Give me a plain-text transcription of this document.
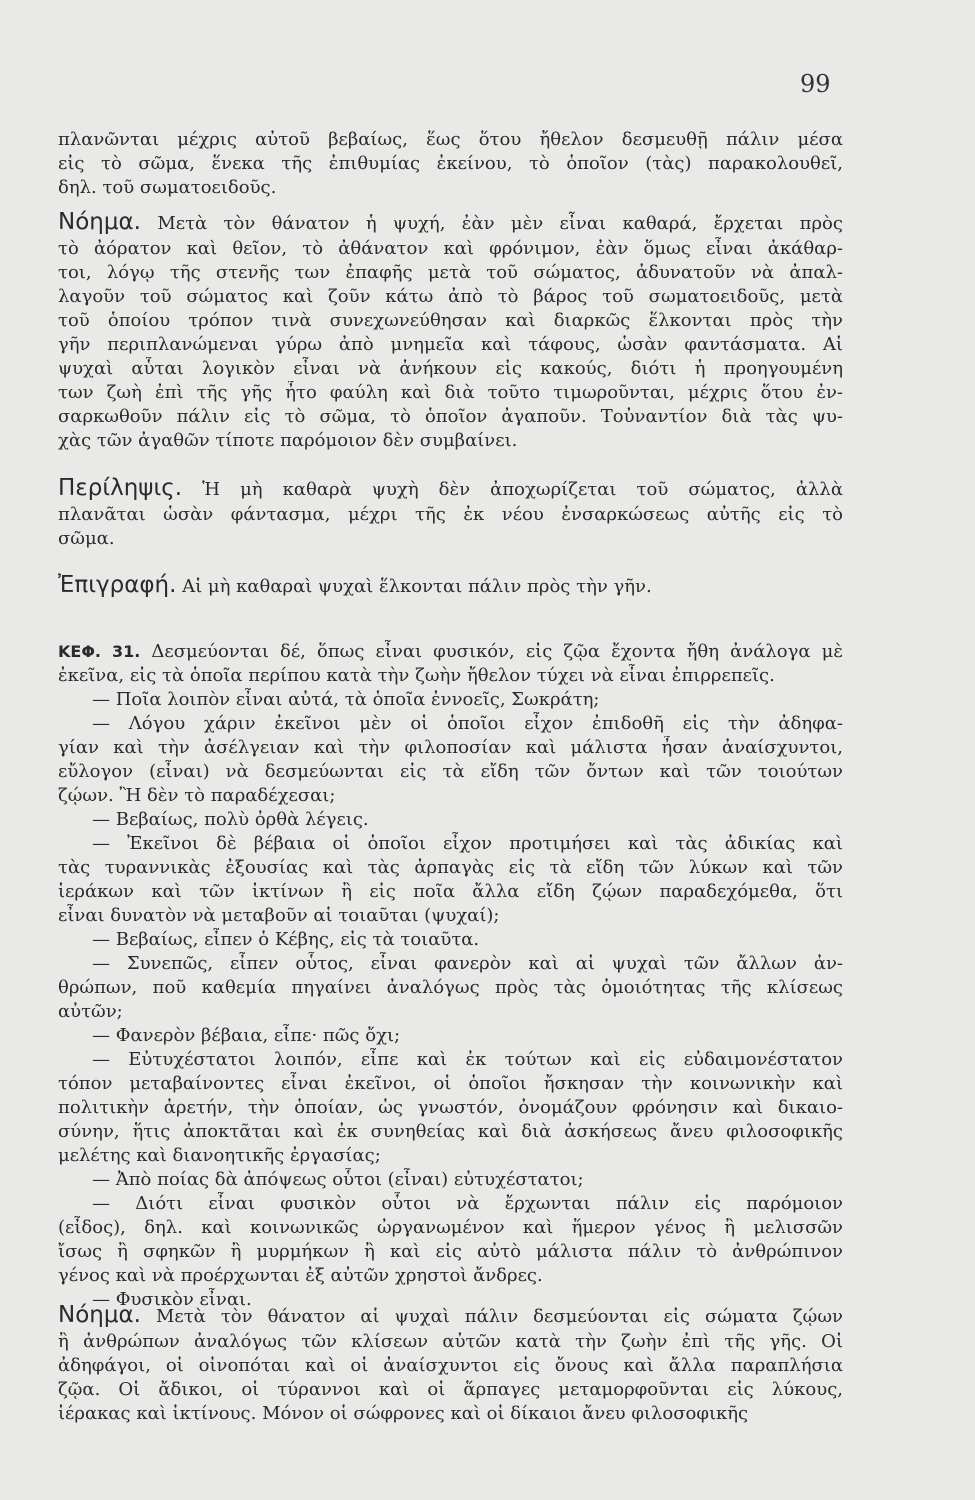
99
πλανῶνται μέχρις αὐτοῦ βεβαίως, ἕως ὅτου ἤθελον δεσμευθῇ πάλιν μέσα
εἰς τὸ σῶμα, ἕνεκα τῆς ἐπιθυμίας ἐκείνου, τὸ ὁποῖον (τὰς) παρακολουθεῖ,
δηλ. τοῦ σωματοειδοῦς.
Νόημα. Μετὰ τὸν θάνατον ἡ ψυχή, ἐὰν μὲν εἶναι καθαρά, ἔρχεται πρὸς
τὸ ἀόρατον καὶ θεῖον, τὸ ἀθάνατον καὶ φρόνιμον, ἐὰν ὅμως εἶναι ἀκάθαρ-
τοι, λόγῳ τῆς στενῆς των ἐπαφῆς μετὰ τοῦ σώματος, ἀδυνατοῦν νὰ ἀπαλ-
λαγοῦν τοῦ σώματος καὶ ζοῦν κάτω ἀπὸ τὸ βάρος τοῦ σωματοειδοῦς, μετὰ
τοῦ ὁποίου τρόπον τινὰ συνεχωνεύθησαν καὶ διαρκῶς ἕλκονται πρὸς τὴν
γῆν περιπλανώμεναι γύρω ἀπὸ μνημεῖα καὶ τάφους, ὡσὰν φαντάσματα. Αἱ
ψυχαὶ αὗται λογικὸν εἶναι νὰ ἀνήκουν εἰς κακούς, διότι ἡ προηγουμένη
των ζωὴ ἐπὶ τῆς γῆς ἦτο φαύλη καὶ διὰ τοῦτο τιμωροῦνται, μέχρις ὅτου ἐν-
σαρκωθοῦν πάλιν εἰς τὸ σῶμα, τὸ ὁποῖον ἀγαποῦν. Τοὐναντίον διὰ τὰς ψυ-
χὰς τῶν ἀγαθῶν τίποτε παρόμοιον δὲν συμβαίνει.
Περίληψις. Ἡ μὴ καθαρὰ ψυχὴ δὲν ἀποχωρίζεται τοῦ σώματος, ἀλλὰ
πλανᾶται ὡσὰν φάντασμα, μέχρι τῆς ἐκ νέου ἐνσαρκώσεως αὐτῆς εἰς τὸ
σῶμα.
Ἐπιγραφή. Αἱ μὴ καθαραὶ ψυχαὶ ἕλκονται πάλιν πρὸς τὴν γῆν.
ΚΕΦ. 31. Δεσμεύονται δέ, ὅπως εἶναι φυσικόν, εἰς ζῷα ἔχοντα ἤθη ἀνάλογα μὲ
ἐκεῖνα, εἰς τὰ ὁποῖα περίπου κατὰ τὴν ζωὴν ἤθελον τύχει νὰ εἶναι ἐπιρρεπεῖς.
— Ποῖα λοιπὸν εἶναι αὐτά, τὰ ὁποῖα ἐννοεῖς, Σωκράτη;
— Λόγου χάριν ἐκεῖνοι μὲν οἱ ὁποῖοι εἶχον ἐπιδοθῆ εἰς τὴν ἀδηφα-
γίαν καὶ τὴν ἀσέλγειαν καὶ τὴν φιλοποσίαν καὶ μάλιστα ἦσαν ἀναίσχυντοι,
εὔλογον (εἶναι) νὰ δεσμεύωνται εἰς τὰ εἴδη τῶν ὄντων καὶ τῶν τοιούτων
ζῴων. Ἢ δὲν τὸ παραδέχεσαι;
— Βεβαίως, πολὺ ὀρθὰ λέγεις.
— Ἐκεῖνοι δὲ βέβαια οἱ ὁποῖοι εἶχον προτιμήσει καὶ τὰς ἀδικίας καὶ
τὰς τυραννικὰς ἐξουσίας καὶ τὰς ἁρπαγὰς εἰς τὰ εἴδη τῶν λύκων καὶ τῶν
ἱεράκων καὶ τῶν ἰκτίνων ἢ εἰς ποῖα ἄλλα εἴδη ζῴων παραδεχόμεθα, ὅτι
εἶναι δυνατὸν νὰ μεταβοῦν αἱ τοιαῦται (ψυχαί);
— Βεβαίως, εἶπεν ὁ Κέβης, εἰς τὰ τοιαῦτα.
— Συνεπῶς, εἶπεν οὗτος, εἶναι φανερὸν καὶ αἱ ψυχαὶ τῶν ἄλλων ἀν-
θρώπων, ποῦ καθεμία πηγαίνει ἀναλόγως πρὸς τὰς ὁμοιότητας τῆς κλίσεως
αὐτῶν;
— Φανερὸν βέβαια, εἶπε· πῶς ὄχι;
— Εὐτυχέστατοι λοιπόν, εἶπε καὶ ἐκ τούτων καὶ εἰς εὐδαιμονέστατον
τόπον μεταβαίνοντες εἶναι ἐκεῖνοι, οἱ ὁποῖοι ἤσκησαν τὴν κοινωνικὴν καὶ
πολιτικὴν ἀρετήν, τὴν ὁποίαν, ὡς γνωστόν, ὀνομάζουν φρόνησιν καὶ δικαιο-
σύνην, ἥτις ἀποκτᾶται καὶ ἐκ συνηθείας καὶ διὰ ἀσκήσεως ἄνευ φιλοσοφικῆς
μελέτης καὶ διανοητικῆς ἐργασίας;
— Ἀπὸ ποίας δὰ ἀπόψεως οὗτοι (εἶναι) εὐτυχέστατοι;
— Διότι εἶναι φυσικὸν οὗτοι νὰ ἔρχωνται πάλιν εἰς παρόμοιον
(εἶδος), δηλ. καὶ κοινωνικῶς ὠργανωμένον καὶ ἥμερον γένος ἢ μελισσῶν
ἴσως ἢ σφηκῶν ἢ μυρμήκων ἢ καὶ εἰς αὐτὸ μάλιστα πάλιν τὸ ἀνθρώπινον
γένος καὶ νὰ προέρχωνται ἐξ αὐτῶν χρηστοὶ ἄνδρες.
— Φυσικὸν εἶναι.
Νόημα. Μετὰ τὸν θάνατον αἱ ψυχαὶ πάλιν δεσμεύονται εἰς σώματα ζῴων
ἢ ἀνθρώπων ἀναλόγως τῶν κλίσεων αὐτῶν κατὰ τὴν ζωὴν ἐπὶ τῆς γῆς. Οἱ
ἀδηφάγοι, οἱ οἰνοπόται καὶ οἱ ἀναίσχυντοι εἰς ὄνους καὶ ἄλλα παραπλήσια
ζῷα. Οἱ ἄδικοι, οἱ τύραννοι καὶ οἱ ἅρπαγες μεταμορφοῦνται εἰς λύκους,
ἱέρακας καὶ ἰκτίνους. Μόνον οἱ σώφρονες καὶ οἱ δίκαιοι ἄνευ φιλοσοφικῆς
